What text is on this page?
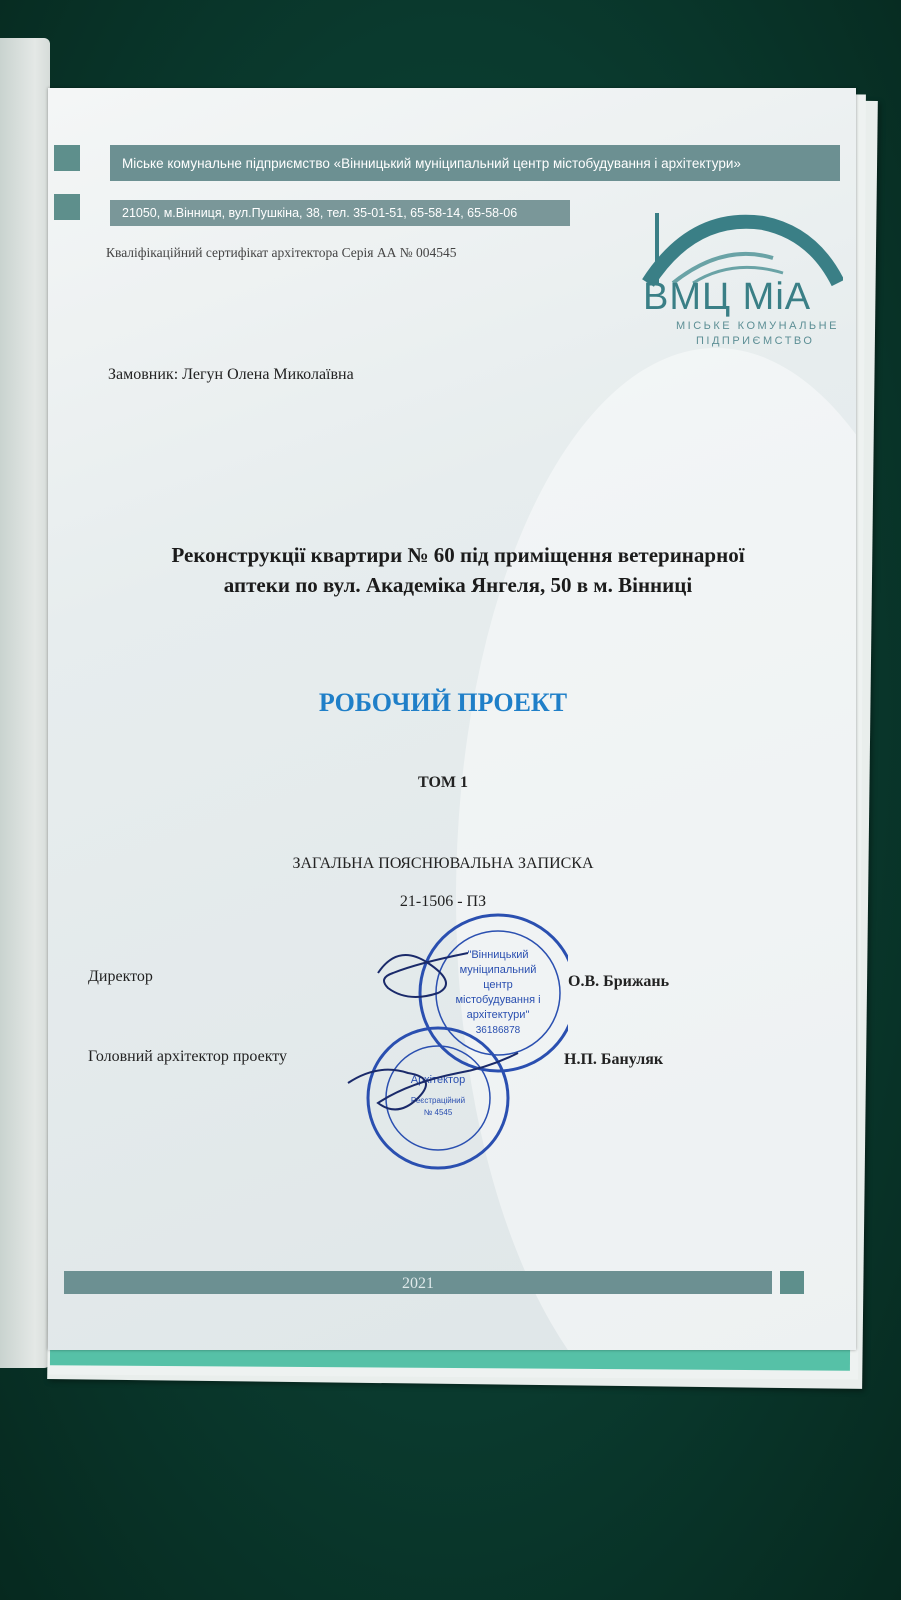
Міське комунальне підприємство «Вінницький муніципальний центр містобудування і архітектури»
21050, м.Вінниця, вул.Пушкіна, 38, тел. 35-01-51, 65-58-14, 65-58-06
Кваліфікаційний сертифікат архітектора Серія АА № 004545
ВМЦ МіА
МІСЬКЕ КОМУНАЛЬНЕ
ПІДПРИЄМСТВО
Замовник: Легун Олена Миколаївна
Реконструкції квартири № 60 під приміщення ветеринарної
аптеки по вул. Академіка Янгеля, 50 в м. Вінниці
РОБОЧИЙ ПРОЕКТ
ТОМ 1
ЗАГАЛЬНА ПОЯСНЮВАЛЬНА ЗАПИСКА
21-1506 - ПЗ
Директор	О.В. Брижань
Головний архітектор проекту	Н.П. Бануляк
"Вінницький
муніципальний
центр
містобудування і
архітектури"
36186878
Архітектор
Реєстраційний
№ 4545
2021
